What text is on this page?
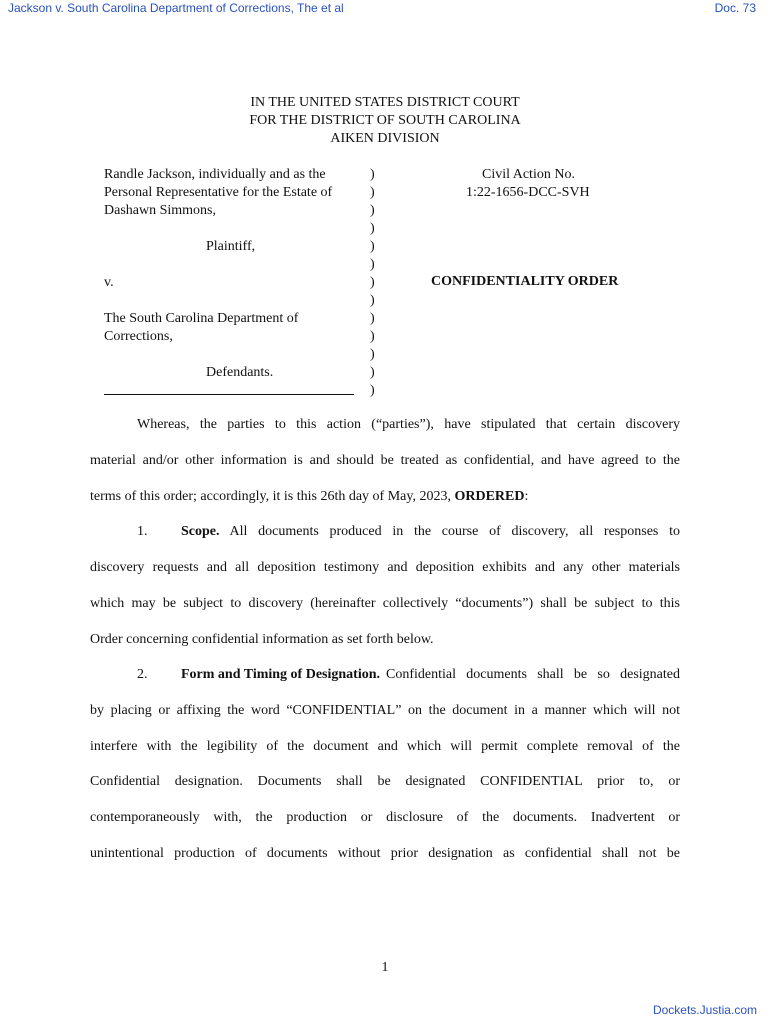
Jackson v. South Carolina Department of Corrections, The et al	Doc. 73
IN THE UNITED STATES DISTRICT COURT
FOR THE DISTRICT OF SOUTH CAROLINA
AIKEN DIVISION
Randle Jackson, individually and as the
Personal Representative for the Estate of
Dashawn Simmons,
Plaintiff,
v.
The South Carolina Department of
Corrections,
Defendants.
)
)
)
)
)
)
)
)
)
)
)
)
)
Civil Action No.
1:22-1656-DCC-SVH
CONFIDENTIALITY ORDER
Whereas, the parties to this action (“parties”), have stipulated that certain discovery
material and/or other information is and should be treated as confidential, and have agreed to the
terms of this order; accordingly, it is this 26th day of May, 2023, ORDERED:
1.	Scope. All documents produced in the course of discovery, all responses to
discovery requests and all deposition testimony and deposition exhibits and any other materials
which may be subject to discovery (hereinafter collectively “documents”) shall be subject to this
Order concerning confidential information as set forth below.
2.	Form and Timing of Designation. Confidential documents shall be so designated
by placing or affixing the word “CONFIDENTIAL” on the document in a manner which will not
interfere with the legibility of the document and which will permit complete removal of the
Confidential designation. Documents shall be designated CONFIDENTIAL prior to, or
contemporaneously with, the production or disclosure of the documents. Inadvertent or
unintentional production of documents without prior designation as confidential shall not be
1
Dockets.Justia.com
